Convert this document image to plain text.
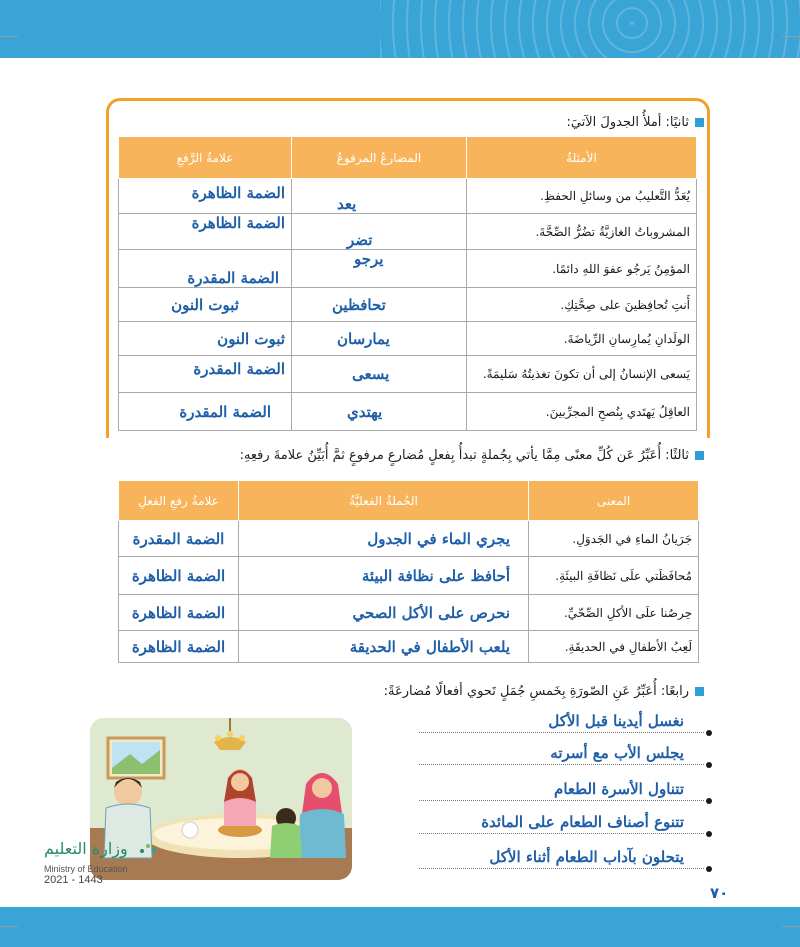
ثانيًا: أملأُ الجدولَ الآتيَ:
الأمثلةُ	المضارعُ المرفوعُ	علامةُ الرَّفعِ
يُعَدُّ التَّعليبُ من وسائلِ الحفظِ.	يعد	الضمة الظاهرة
المشروباتُ الغازيَّةُ تضُرُّ الصِّحَّةَ.	تضر	الضمة الظاهرة
المؤمِنُ يَرجُو عفوَ اللهِ دائمًا.	يرجو	الضمة المقدرة
أَنتِ تُحافِظينَ على صِحَّتِكِ.	تحافظين	ثبوت النون
الولَدانِ يُمارِسانِ الرِّياضَةَ.	يمارسان	ثبوت النون
يَسعى الإنسانُ إلى أن تكونَ تغذيتُهُ سَليمَةً.	يسعى	الضمة المقدرة
العاقِلُ يَهتَدي بِنُصحِ المجرِّبينَ.	يهتدي	الضمة المقدرة
ثالثًا: أُعَبِّرُ عَن كُلِّ معنًى مِمَّا يأتي بِجُملةٍ تبدأُ بِفعلٍ مُضارعٍ مرفوعٍ ثمَّ أُبَيِّنُ علامةَ رفعِهِ:
المعنى	الجُملةُ الفعليَّةُ	علامةُ رفعِ الفعلِ
جَرَيانُ الماءِ في الجَدوَلِ.	يجري الماء في الجدول	الضمة المقدرة
مُحافَظَتي علَى نَظافَةِ البيئَةِ.	أحافظ على نظافة البيئة	الضمة الظاهرة
حِرصُنا علَى الأكلِ الصِّحّيِّ.	نحرص على الأكل الصحي	الضمة الظاهرة
لَعِبُ الأطفالِ في الحديقَةِ.	يلعب الأطفال في الحديقة	الضمة الظاهرة
رابعًا: أُعَبِّرُ عَنِ الصّورَةِ بِخَمسِ جُمَلٍ تَحوي أفعالًا مُضارعَةً:
نغسل أيدينا قبل الأكل
يجلس الأب مع أسرته
تتناول الأسرة الطعام
تتنوع أصناف الطعام على المائدة
يتحلون بآداب الطعام أثناء الأكل
وزارة التعليم
Ministry of Education
2021 - 1443
٧٠
